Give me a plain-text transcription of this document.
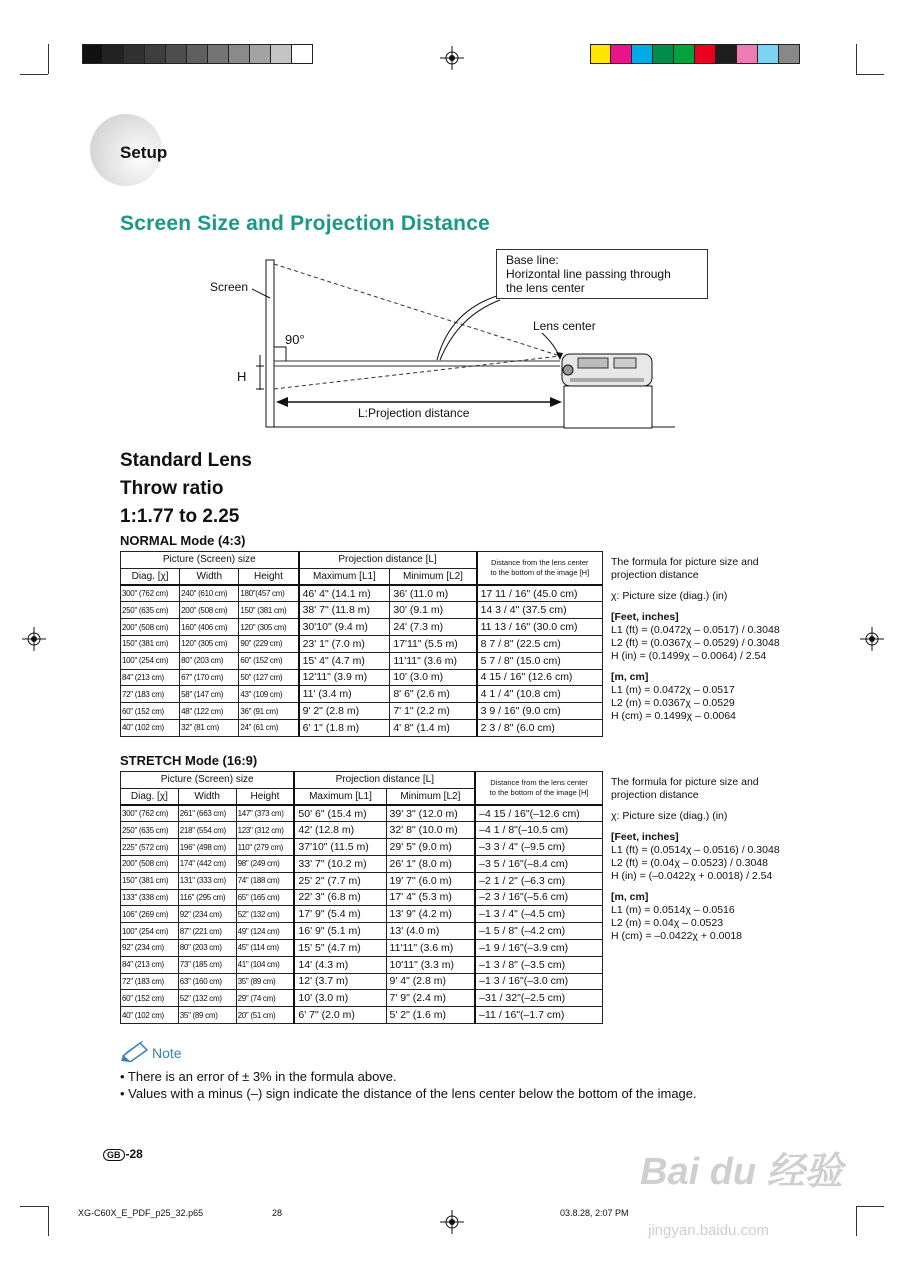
Setup
Screen Size and Projection Distance
Screen
90°
H
Base line:
Horizontal line passing through
the lens center
Lens center
L:Projection distance
Standard Lens
Throw ratio
1:1.77 to 2.25
NORMAL Mode (4:3)
Picture (Screen) size			Projection distance [L]		Distance from the lens center
to the bottom of the image [H]

Diag. [χ]	Width	Height	Maximum [L1]	Minimum [L2]	
300" (762 cm)	240" (610 cm)	180"(457 cm)	46' 4" (14.1 m)	36' (11.0 m)	17 11 / 16" (45.0 cm)
250" (635 cm)	200" (508 cm)	150" (381 cm)	38' 7" (11.8 m)	30' (9.1 m)	14 3 / 4" (37.5 cm)
200" (508 cm)	160" (406 cm)	120" (305 cm)	30'10" (9.4 m)	24' (7.3 m)	11 13 / 16" (30.0 cm)
150" (381 cm)	120" (305 cm)	90" (229 cm)	23' 1" (7.0 m)	17'11" (5.5 m)	8 7 / 8" (22.5 cm)
100" (254 cm)	80" (203 cm)	60" (152 cm)	15' 4" (4.7 m)	11'11" (3.6 m)	5 7 / 8" (15.0 cm)
84" (213 cm)	67" (170 cm)	50" (127 cm)	12'11" (3.9 m)	10' (3.0 m)	4 15 / 16" (12.6 cm)
72" (183 cm)	58" (147 cm)	43" (109 cm)	11' (3.4 m)	8' 6" (2.6 m)	4 1 / 4" (10.8 cm)
60" (152 cm)	48" (122 cm)	36" (91 cm)	9' 2" (2.8 m)	7' 1" (2.2 m)	3 9 / 16" (9.0 cm)
40" (102 cm)	32" (81 cm)	24" (61 cm)	6' 1" (1.8 m)	4' 8" (1.4 m)	2 3 / 8" (6.0 cm)
The formula for picture size and
projection distance
χ: Picture size (diag.) (in)
[Feet, inches]
L1 (ft) = (0.0472χ – 0.0517) / 0.3048
L2 (ft) = (0.0367χ – 0.0529) / 0.3048
H (in) = (0.1499χ – 0.0064) / 2.54
[m, cm]
L1 (m) = 0.0472χ – 0.0517
L2 (m) = 0.0367χ – 0.0529
H (cm) = 0.1499χ – 0.0064
STRETCH Mode (16:9)
Picture (Screen) size			Projection distance [L]		Distance from the lens center
to the bottom of the image [H]

Diag. [χ]	Width	Height	Maximum [L1]	Minimum [L2]	
300" (762 cm)	261" (663 cm)	147" (373 cm)	50' 6" (15.4 m)	39' 3" (12.0 m)	–4 15 / 16"(–12.6 cm)
250" (635 cm)	218" (554 cm)	123" (312 cm)	42' (12.8 m)	32' 8" (10.0 m)	–4 1 / 8"(–10.5 cm)
225" (572 cm)	196" (498 cm)	110" (279 cm)	37'10" (11.5 m)	29' 5" (9.0 m)	–3 3 / 4" (–9.5 cm)
200" (508 cm)	174" (442 cm)	98" (249 cm)	33' 7" (10.2 m)	26' 1" (8.0 m)	–3 5 / 16"(–8.4 cm)
150" (381 cm)	131" (333 cm)	74" (188 cm)	25' 2" (7.7 m)	19' 7" (6.0 m)	–2 1 / 2" (–6.3 cm)
133" (338 cm)	116" (295 cm)	65" (165 cm)	22' 3" (6.8 m)	17' 4" (5.3 m)	–2 3 / 16"(–5.6 cm)
106" (269 cm)	92" (234 cm)	52" (132 cm)	17' 9" (5.4 m)	13' 9" (4.2 m)	–1 3 / 4" (–4.5 cm)
100" (254 cm)	87" (221 cm)	49" (124 cm)	16' 9" (5.1 m)	13' (4.0 m)	–1 5 / 8" (–4.2 cm)
92" (234 cm)	80" (203 cm)	45" (114 cm)	15' 5" (4.7 m)	11'11" (3.6 m)	–1 9 / 16"(–3.9 cm)
84" (213 cm)	73" (185 cm)	41" (104 cm)	14' (4.3 m)	10'11" (3.3 m)	–1 3 / 8" (–3.5 cm)
72" (183 cm)	63" (160 cm)	35" (89 cm)	12' (3.7 m)	9' 4" (2.8 m)	–1 3 / 16"(–3.0 cm)
60" (152 cm)	52" (132 cm)	29" (74 cm)	10' (3.0 m)	7' 9" (2.4 m)	–31 / 32"(–2.5 cm)
40" (102 cm)	35" (89 cm)	20" (51 cm)	6' 7" (2.0 m)	5' 2" (1.6 m)	–11 / 16"(–1.7 cm)
The formula for picture size and
projection distance
χ: Picture size (diag.) (in)
[Feet, inches]
L1 (ft) = (0.0514χ – 0.0516) / 0.3048
L2 (ft) = (0.04χ – 0.0523) / 0.3048
H (in) = (–0.0422χ + 0.0018) / 2.54
[m, cm]
L1 (m) = 0.0514χ – 0.0516
L2 (m) = 0.04χ – 0.0523
H (cm) = –0.0422χ + 0.0018
Note
• There is an error of ± 3% in the formula above.
• Values with a minus (–) sign indicate the distance of the lens center below the bottom of the image.
GB -28
XG-C60X_E_PDF_p25_32.p65	28	03.8.28, 2:07 PM
Bai du 经验
jingyan.baidu.com
